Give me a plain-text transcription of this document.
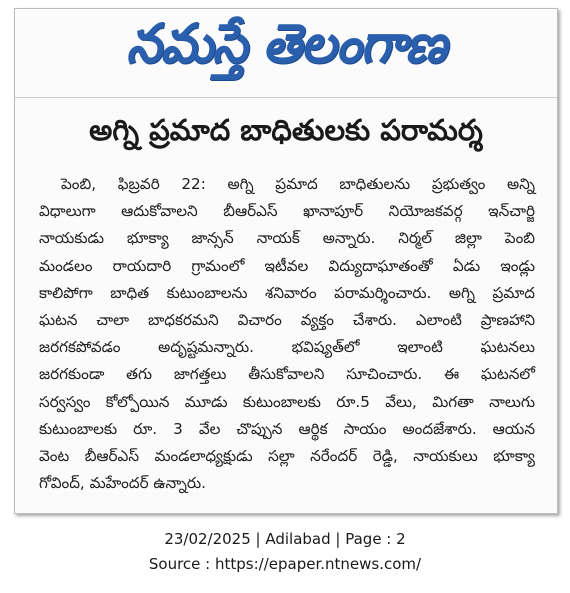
నమస్తే తెలంగాణ
అగ్ని ప్రమాద బాధితులకు పరామర్శ
పెంబి, ఫిబ్రవరి 22: అగ్ని ప్రమాద బాధితులను ప్రభుత్వం అన్ని
విధాలుగా ఆదుకోవాలని బీఆర్ఎస్ ఖానాపూర్ నియోజకవర్గ ఇన్‌చార్జి
నాయకుడు భూక్యా జాన్సన్ నాయక్ అన్నారు. నిర్మల్ జిల్లా పెంబి
మండలం రాయదారి గ్రామంలో ఇటీవల విద్యుదాఘాతంతో ఏడు ఇండ్లు
కాలిపోగా బాధిత కుటుంబాలను శనివారం పరామర్శించారు. అగ్ని ప్రమాద
ఘటన చాలా బాధకరమని విచారం వ్యక్తం చేశారు. ఎలాంటి ప్రాణహాని
జరగకపోవడం అదృష్టమన్నారు. భవిష్యత్‌లో ఇలాంటి ఘటనలు
జరగకుండా తగు జాగత్తలు తీసుకోవాలని సూచించారు. ఈ ఘటనలో
సర్వస్వం కోల్పోయిన మూడు కుటుంబాలకు రూ.5 వేలు, మిగతా నాలుగు
కుటుంబాలకు రూ. 3 వేల చొప్పున ఆర్థిక సాయం అందజేశారు. ఆయన
వెంట బీఆర్ఎస్ మండలాధ్యక్షుడు సల్లా నరేందర్ రెడ్డి, నాయకులు భూక్యా
గోవింద్, మహేందర్ ఉన్నారు.
23/02/2025 | Adilabad | Page : 2
Source : https://epaper.ntnews.com/
